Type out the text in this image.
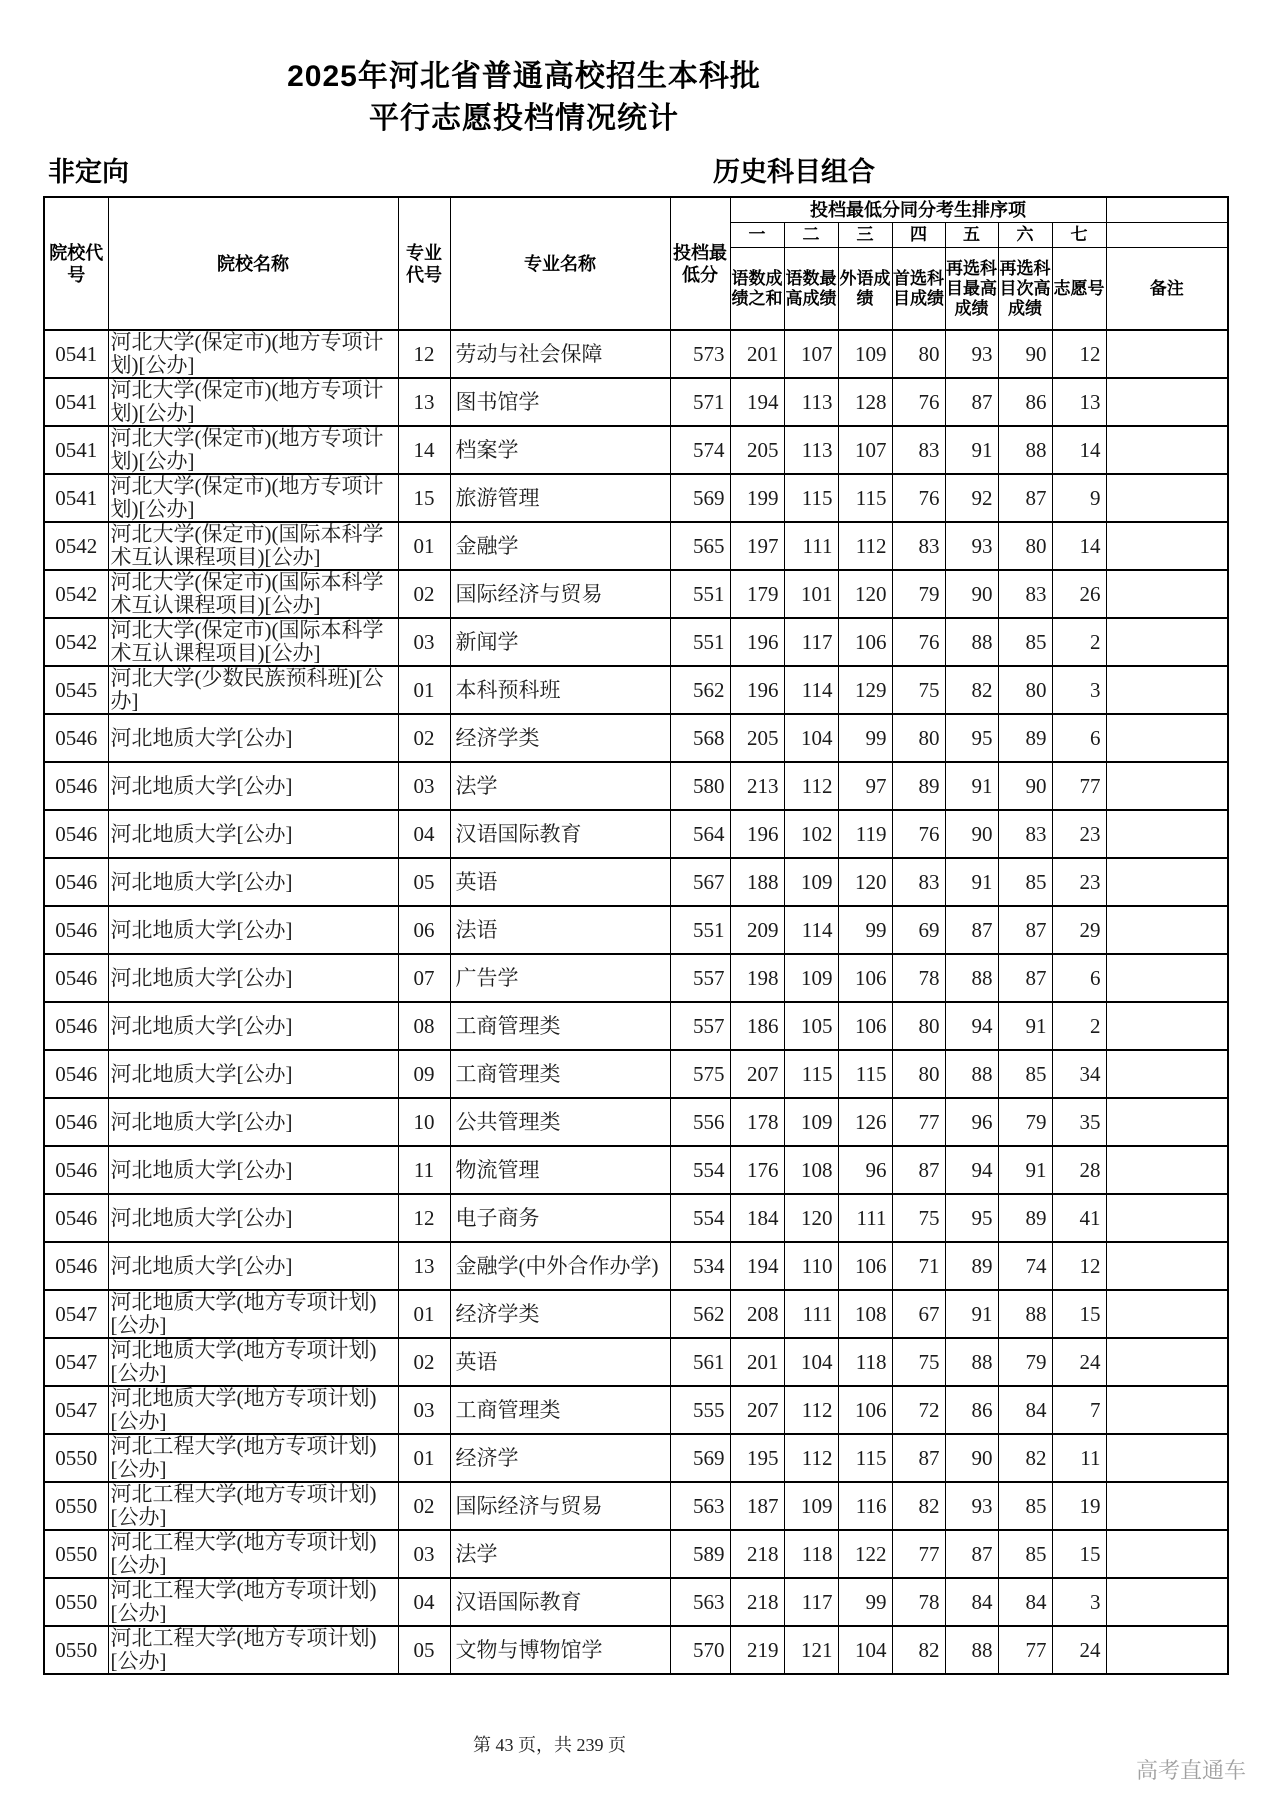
2025年河北省普通高校招生本科批
平行志愿投档情况统计
非定向	历史科目组合
院校代号	院校名称	专业代号	专业名称	投档最低分	投档最低分同分考生排序项							
					一	二	三	四	五	六	七	
					语数成绩之和	语数最高成绩	外语成绩	首选科目成绩	再选科目最高成绩	再选科目次高成绩	志愿号	备注
0541	河北大学(保定市)(地方专项计划)[公办]	12	劳动与社会保障	573	201	107	109	80	93	90	12	
0541	河北大学(保定市)(地方专项计划)[公办]	13	图书馆学	571	194	113	128	76	87	86	13	
0541	河北大学(保定市)(地方专项计划)[公办]	14	档案学	574	205	113	107	83	91	88	14	
0541	河北大学(保定市)(地方专项计划)[公办]	15	旅游管理	569	199	115	115	76	92	87	9	
0542	河北大学(保定市)(国际本科学术互认课程项目)[公办]	01	金融学	565	197	111	112	83	93	80	14	
0542	河北大学(保定市)(国际本科学术互认课程项目)[公办]	02	国际经济与贸易	551	179	101	120	79	90	83	26	
0542	河北大学(保定市)(国际本科学术互认课程项目)[公办]	03	新闻学	551	196	117	106	76	88	85	2	
0545	河北大学(少数民族预科班)[公办]	01	本科预科班	562	196	114	129	75	82	80	3	
0546	河北地质大学[公办]	02	经济学类	568	205	104	99	80	95	89	6	
0546	河北地质大学[公办]	03	法学	580	213	112	97	89	91	90	77	
0546	河北地质大学[公办]	04	汉语国际教育	564	196	102	119	76	90	83	23	
0546	河北地质大学[公办]	05	英语	567	188	109	120	83	91	85	23	
0546	河北地质大学[公办]	06	法语	551	209	114	99	69	87	87	29	
0546	河北地质大学[公办]	07	广告学	557	198	109	106	78	88	87	6	
0546	河北地质大学[公办]	08	工商管理类	557	186	105	106	80	94	91	2	
0546	河北地质大学[公办]	09	工商管理类	575	207	115	115	80	88	85	34	
0546	河北地质大学[公办]	10	公共管理类	556	178	109	126	77	96	79	35	
0546	河北地质大学[公办]	11	物流管理	554	176	108	96	87	94	91	28	
0546	河北地质大学[公办]	12	电子商务	554	184	120	111	75	95	89	41	
0546	河北地质大学[公办]	13	金融学(中外合作办学)	534	194	110	106	71	89	74	12	
0547	河北地质大学(地方专项计划)[公办]	01	经济学类	562	208	111	108	67	91	88	15	
0547	河北地质大学(地方专项计划)[公办]	02	英语	561	201	104	118	75	88	79	24	
0547	河北地质大学(地方专项计划)[公办]	03	工商管理类	555	207	112	106	72	86	84	7	
0550	河北工程大学(地方专项计划)[公办]	01	经济学	569	195	112	115	87	90	82	11	
0550	河北工程大学(地方专项计划)[公办]	02	国际经济与贸易	563	187	109	116	82	93	85	19	
0550	河北工程大学(地方专项计划)[公办]	03	法学	589	218	118	122	77	87	85	15	
0550	河北工程大学(地方专项计划)[公办]	04	汉语国际教育	563	218	117	99	78	84	84	3	
0550	河北工程大学(地方专项计划)[公办]	05	文物与博物馆学	570	219	121	104	82	88	77	24	
第 43 页，共 239 页
高考直通车
